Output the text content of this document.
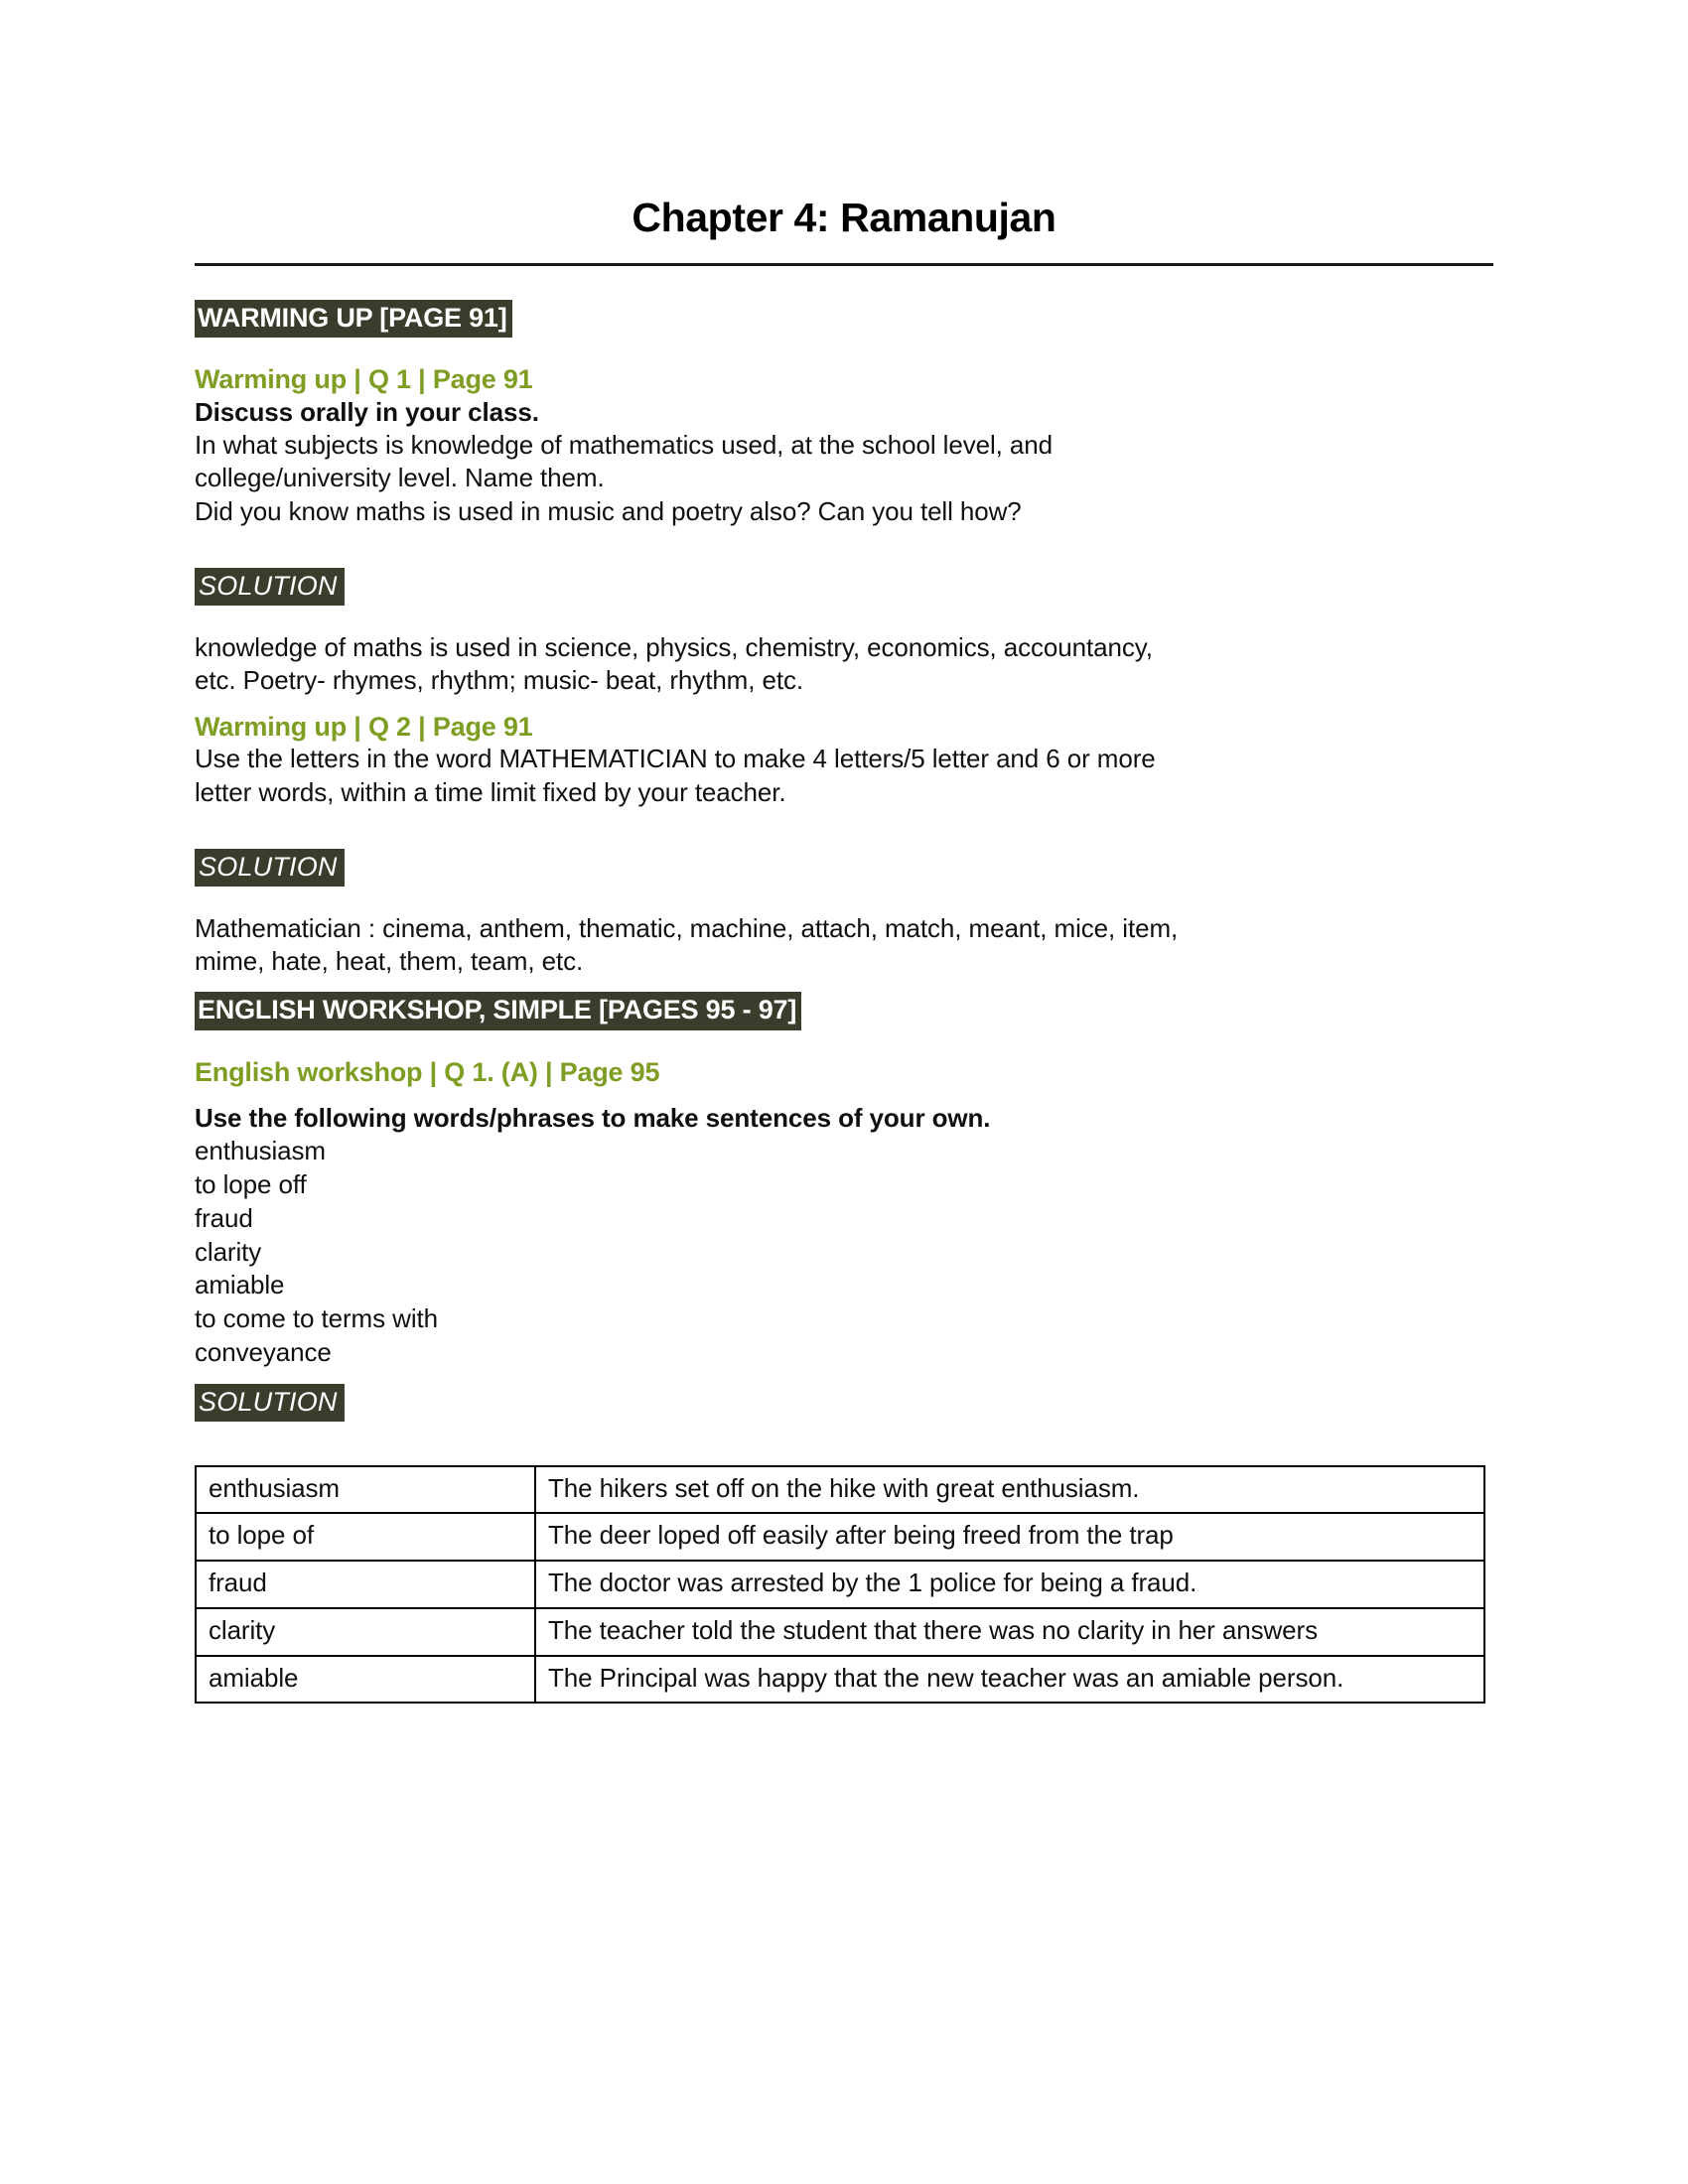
Chapter 4: Ramanujan
WARMING UP [PAGE 91]
Warming up | Q 1 | Page 91
Discuss orally in your class.
In what subjects is knowledge of mathematics used, at the school level, and
college/university level. Name them.
Did you know maths is used in music and poetry also? Can you tell how?
SOLUTION
knowledge of maths is used in science, physics, chemistry, economics, accountancy,
etc. Poetry- rhymes, rhythm; music- beat, rhythm, etc.
Warming up | Q 2 | Page 91
Use the letters in the word MATHEMATICIAN to make 4 letters/5 letter and 6 or more
letter words, within a time limit fixed by your teacher.
SOLUTION
Mathematician : cinema, anthem, thematic, machine, attach, match, meant, mice, item,
mime, hate, heat, them, team, etc.
ENGLISH WORKSHOP, SIMPLE [PAGES 95 - 97]
English workshop | Q 1. (A) | Page 95
Use the following words/phrases to make sentences of your own.
enthusiasm
to lope off
fraud
clarity
amiable
to come to terms with
conveyance
SOLUTION
enthusiasm	The hikers set off on the hike with great enthusiasm.
to lope of	The deer loped off easily after being freed from the trap
fraud	The doctor was arrested by the 1 police for being a fraud.
clarity	The teacher told the student that there was no clarity in her answers
amiable	The Principal was happy that the new teacher was an amiable person.
